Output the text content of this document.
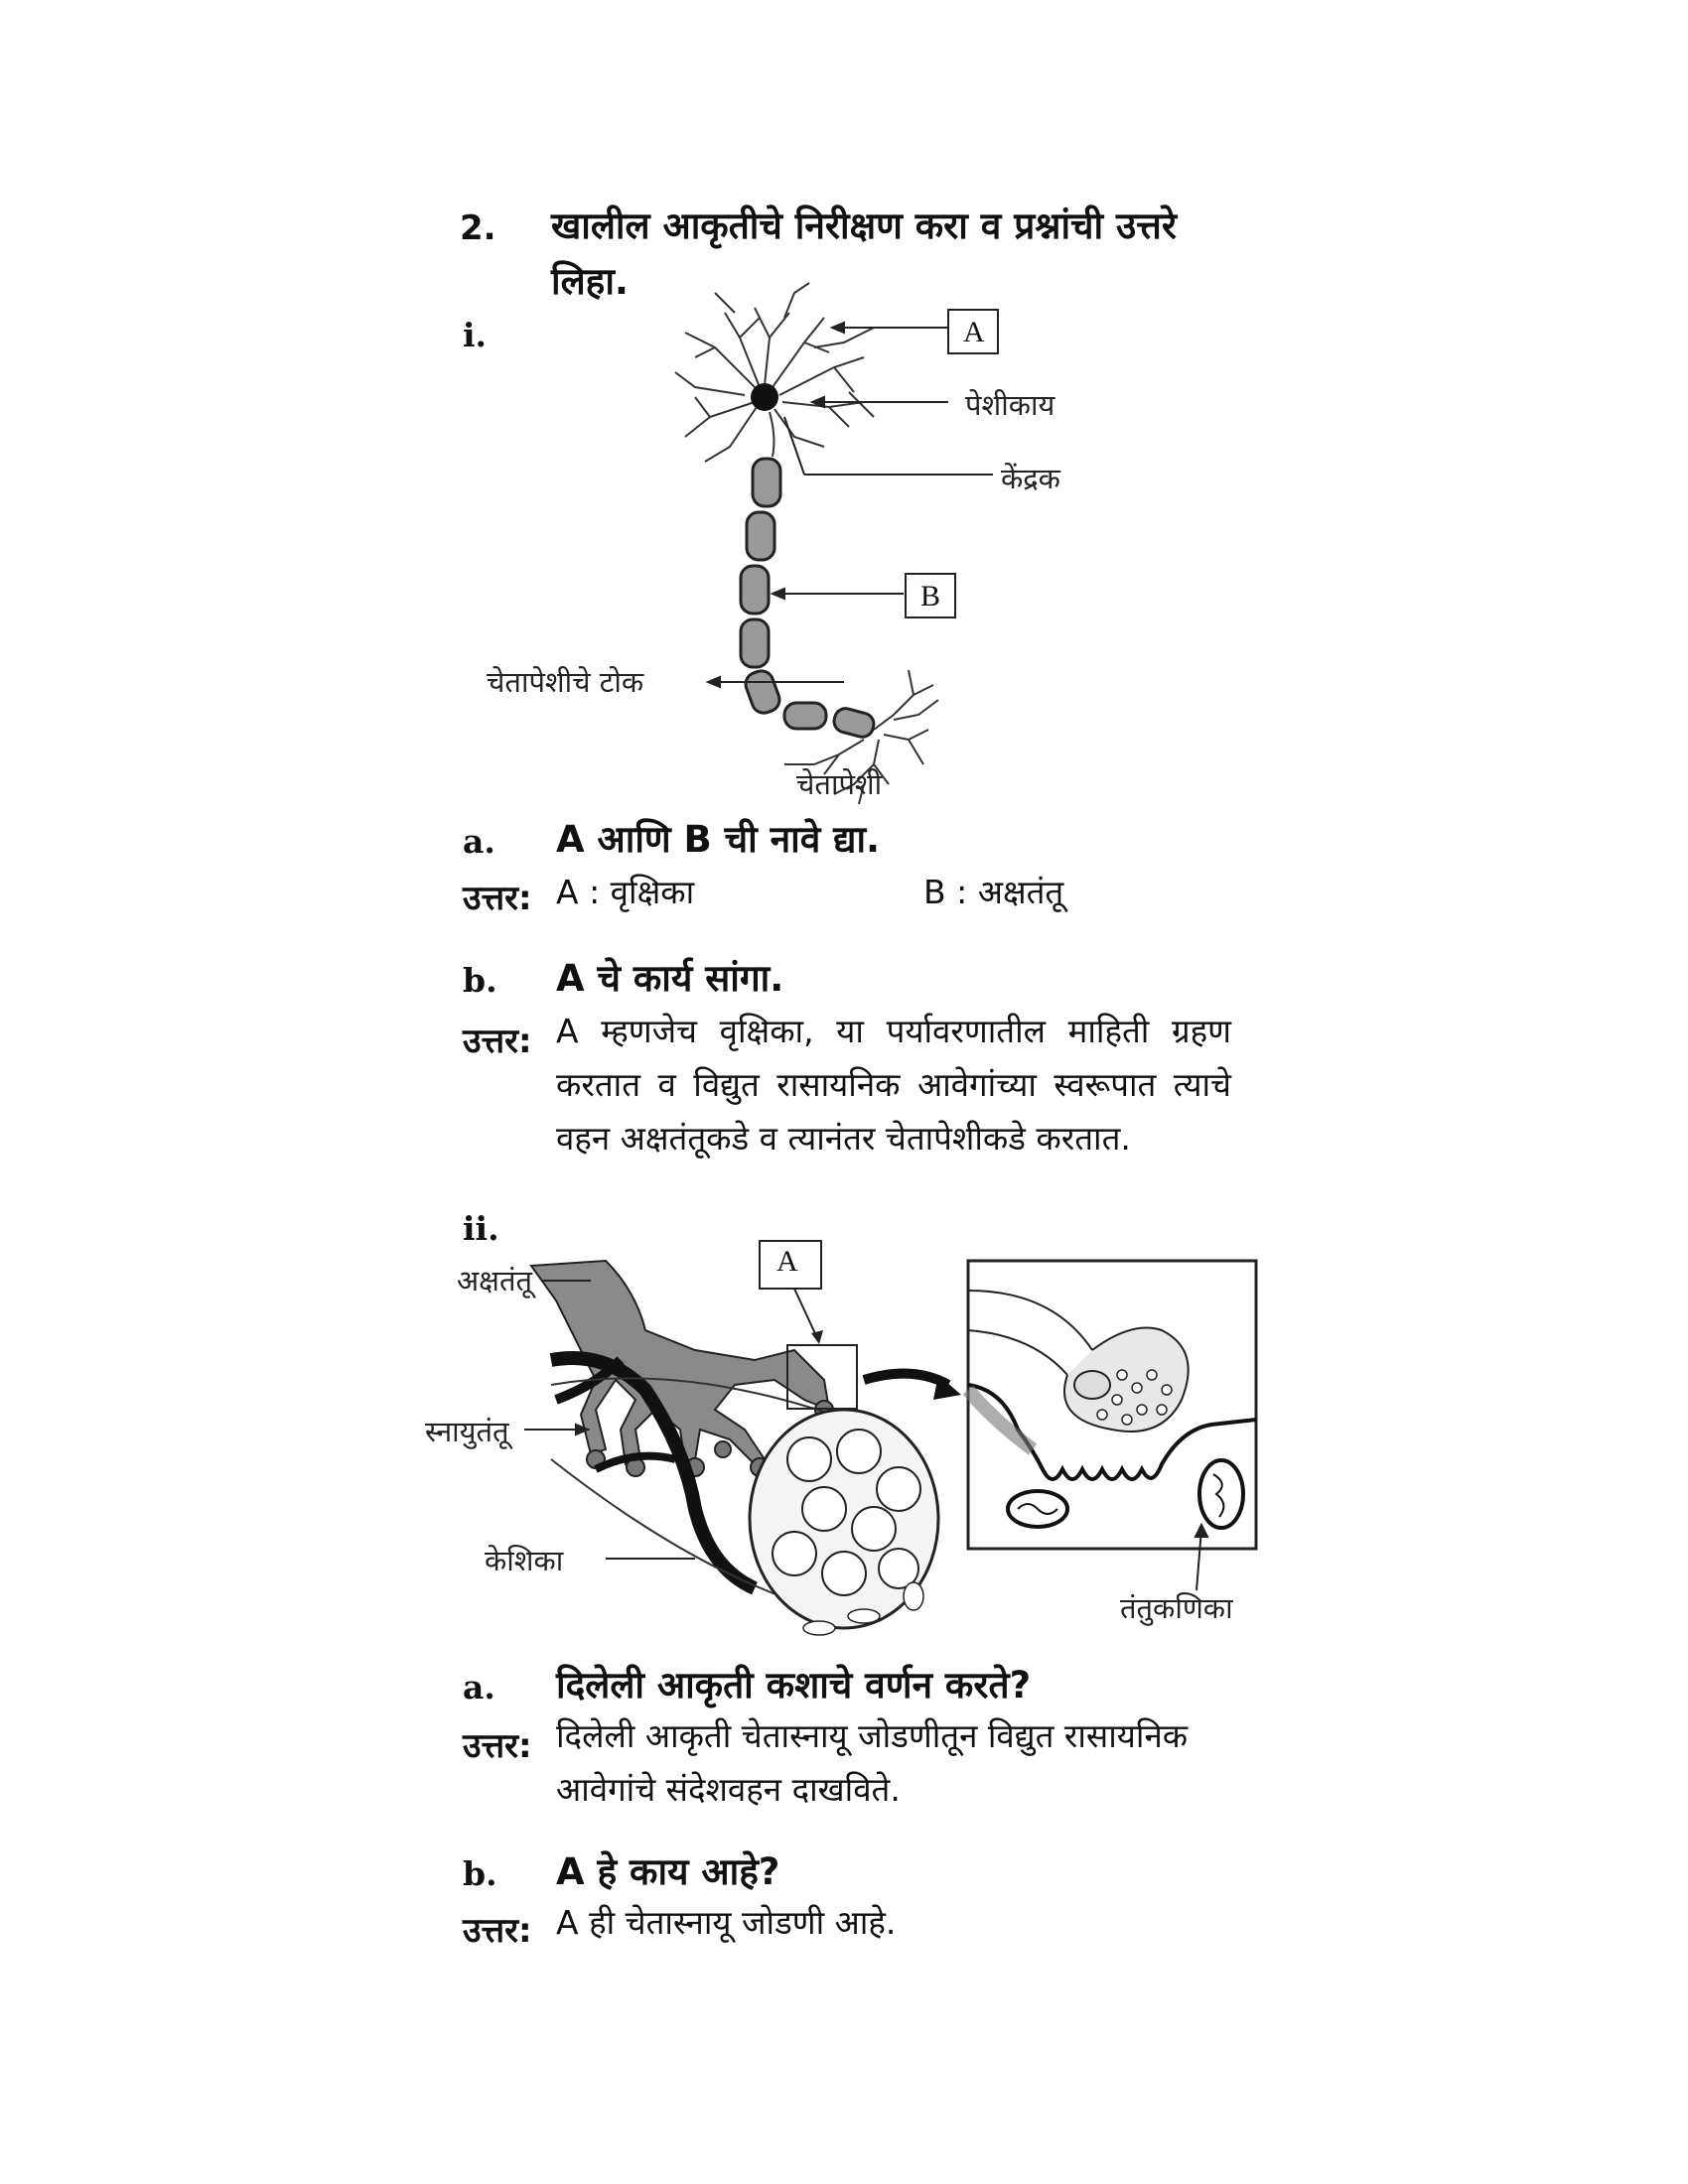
2. खालील आकृतीचे निरीक्षण करा व प्रश्नांची उत्तरे लिहा.
i.	A
B
पेशीकाय
केंद्रक
चेतापेशीचे टोक
चेतापेशी
a. A आणि B ची नावे द्या.
उत्तर: A : वृक्षिका	B : अक्षतंतू
b. A चे कार्य सांगा.
उत्तर: A म्हणजेच वृक्षिका, या पर्यावरणातील माहिती ग्रहण करतात व विद्युत रासायनिक आवेगांच्या स्वरूपात त्याचे वहन अक्षतंतूकडे व त्यानंतर चेतापेशीकडे करतात.
ii.
A
अक्षतंतू
स्नायुतंतू
केशिका
तंतुकणिका
a. दिलेली आकृती कशाचे वर्णन करते?
उत्तर: दिलेली आकृती चेतास्नायू जोडणीतून विद्युत रासायनिक आवेगांचे संदेशवहन दाखविते.
b. A हे काय आहे?
उत्तर: A ही चेतास्नायू जोडणी आहे.
